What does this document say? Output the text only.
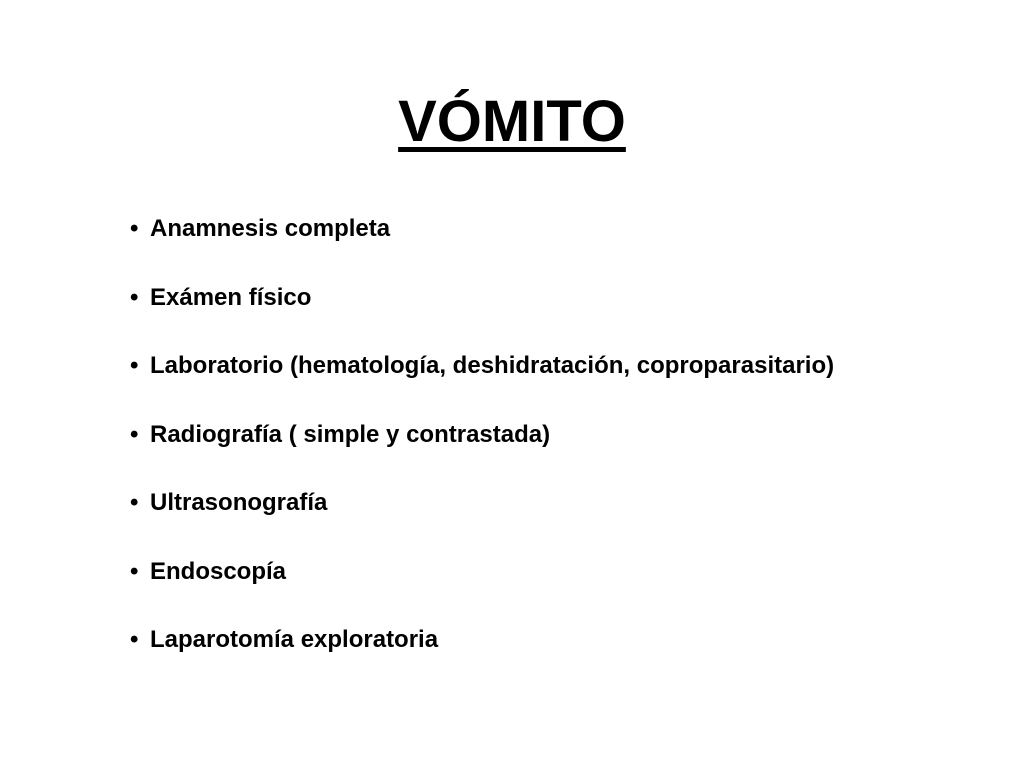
VÓMITO
• Anamnesis completa
• Exámen físico
• Laboratorio (hematología, deshidratación, coproparasitario)
• Radiografía ( simple y contrastada)
• Ultrasonografía
• Endoscopía
• Laparotomía exploratoria
